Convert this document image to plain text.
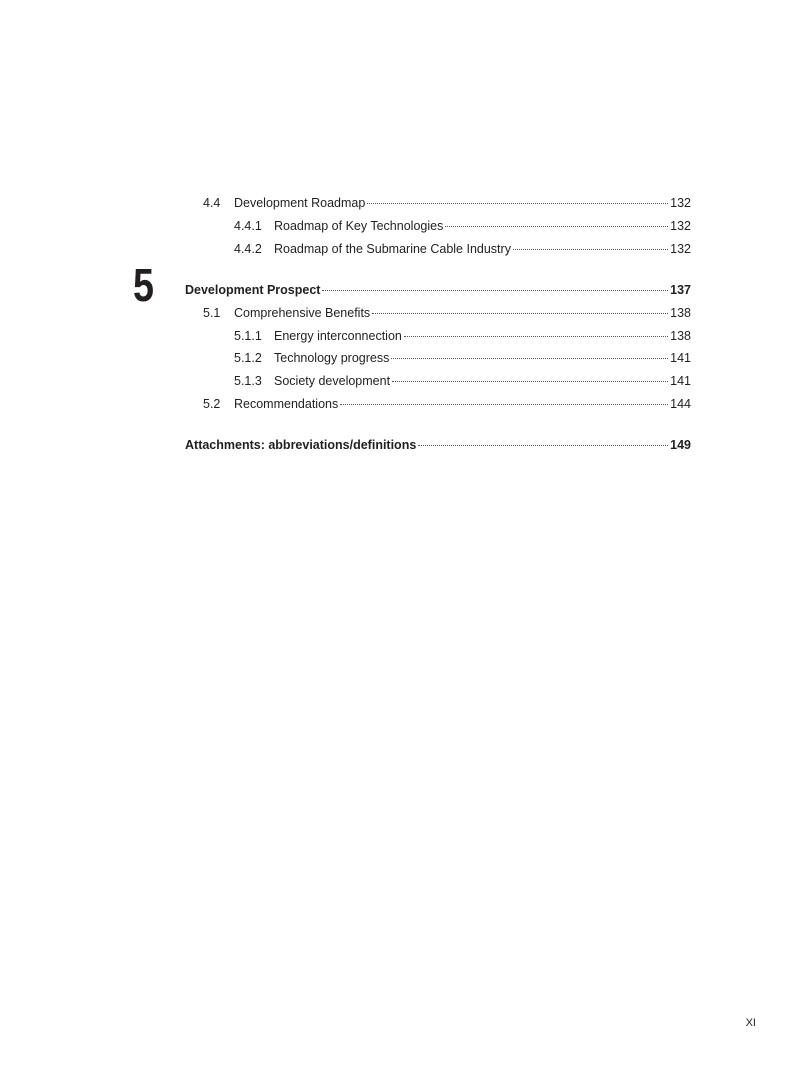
4.4	Development Roadmap	132
4.4.1 Roadmap of Key Technologies	132
4.4.2 Roadmap of the Submarine Cable Industry	132
5	Development Prospect	137
5.1	Comprehensive Benefits	138
5.1.1 Energy interconnection	138
5.1.2 Technology progress	141
5.1.3 Society development	141
5.2	Recommendations	144
Attachments: abbreviations/definitions	149
XI
